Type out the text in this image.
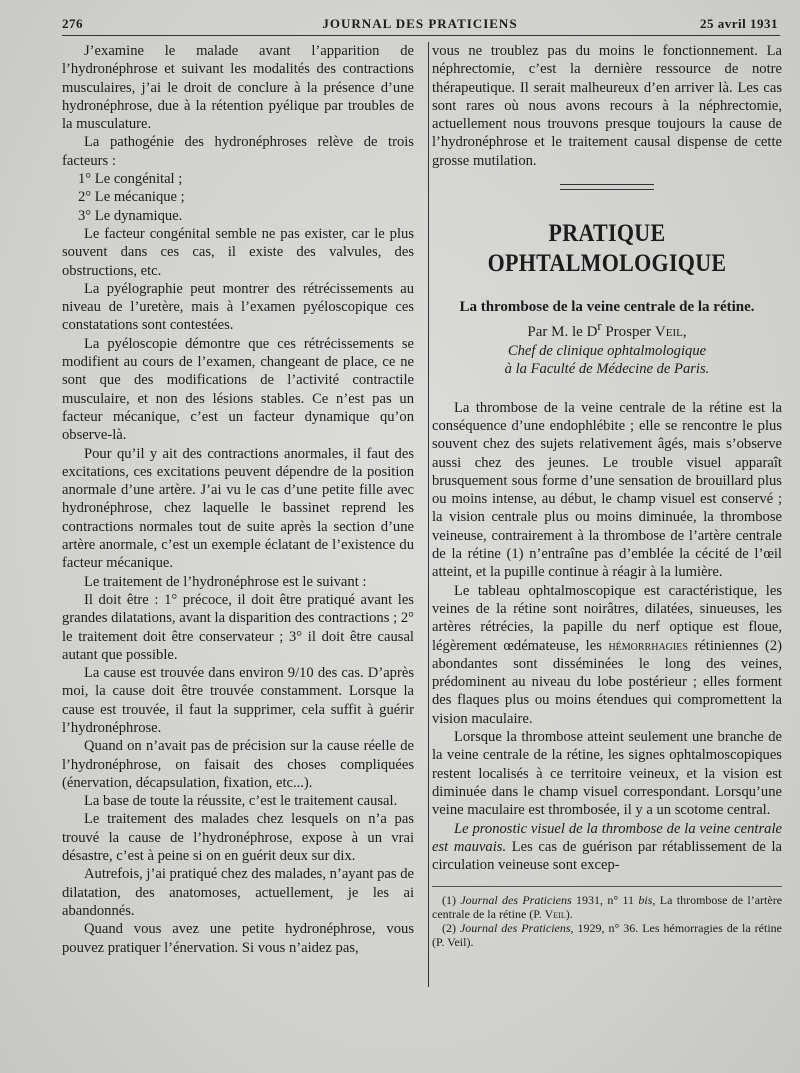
276	JOURNAL DES PRATICIENS	25 avril 1931

J’examine le malade avant l’apparition de l’hydronéphrose et suivant les modalités des contractions musculaires, j’ai le droit de conclure à la présence d’une hydronéphrose, due à la rétention pyélique par troubles de la musculature.

La pathogénie des hydronéphroses relève de trois facteurs :

1° Le congénital ;

2° Le mécanique ;

3° Le dynamique.

Le facteur congénital semble ne pas exister, car le plus souvent dans ces cas, il existe des valvules, des obstructions, etc.

La pyélographie peut montrer des rétrécissements au niveau de l’uretère, mais à l’examen pyéloscopique ces constatations sont contestées.

La pyéloscopie démontre que ces rétrécissements se modifient au cours de l’examen, changeant de place, ce ne sont que des modifications de l’activité contractile musculaire, et non des lésions stables. Ce n’est pas un facteur mécanique, c’est un facteur dynamique qu’on observe-là.

Pour qu’il y ait des contractions anormales, il faut des excitations, ces excitations peuvent dépendre de la position anormale d’une artère. J’ai vu le cas d’une petite fille avec hydronéphrose, chez laquelle le bassinet reprend les contractions normales tout de suite après la section d’une artère anormale, c’est un exemple éclatant de l’existence du facteur mécanique.

Le traitement de l’hydronéphrose est le suivant :

Il doit être : 1° précoce, il doit être pratiqué avant les grandes dilatations, avant la disparition des contractions ; 2° le traitement doit être conservateur ; 3° il doit être causal autant que possible.

La cause est trouvée dans environ 9/10 des cas. D’après moi, la cause doit être trouvée constamment. Lorsque la cause est trouvée, il faut la supprimer, cela suffit à guérir l’hydronéphrose.

Quand on n’avait pas de précision sur la cause réelle de l’hydronéphrose, on faisait des choses compliquées (énervation, décapsulation, fixation, etc...).

La base de toute la réussite, c’est le traitement causal.

Le traitement des malades chez lesquels on n’a pas trouvé la cause de l’hydronéphrose, expose à un vrai désastre, c’est à peine si on en guérit deux sur dix.

Autrefois, j’ai pratiqué chez des malades, n’ayant pas de dilatation, des anatomoses, actuellement, je les ai abandonnés.

Quand vous avez une petite hydronéphrose, vous pouvez pratiquer l’énervation. Si vous n’aidez pas,

vous ne troublez pas du moins le fonctionnement. La néphrectomie, c’est la dernière ressource de notre thérapeutique. Il serait malheureux d’en arriver là. Les cas sont rares où nous avons recours à la néphrectomie, actuellement nous trouvons presque toujours la cause de l’hydronéphrose et le traitement causal dispense de cette grosse mutilation.

PRATIQUE OPHTALMOLOGIQUE
La thrombose de la veine centrale de la rétine.

Par M. le $D^r$ Prosper Veil,

Chef de clinique ophtalmologique

à la Faculté de Médecine de Paris.

La thrombose de la veine centrale de la rétine est la conséquence d’une endophlébite ; elle se rencontre le plus souvent chez des sujets relativement âgés, mais s’observe aussi chez des jeunes. Le trouble visuel apparaît brusquement sous forme d’une sensation de brouillard plus ou moins intense, au début, le champ visuel est conservé ; la vision centrale plus ou moins diminuée, la thrombose veineuse, contrairement à la thrombose de l’artère centrale de la rétine (1) n’entraîne pas d’emblée la cécité de l’œil atteint, et la pupille continue à réagir à la lumière.

Le tableau ophtalmoscopique est caractéristique, les veines de la rétine sont noirâtres, dilatées, sinueuses, les artères rétrécies, la papille du nerf optique est floue, légèrement œdémateuse, les hémorrhagies rétiniennes (2) abondantes sont disséminées le long des veines, prédominent au niveau du lobe postérieur ; elles forment des flaques plus ou moins étendues qui compromettent la vision maculaire.

Lorsque la thrombose atteint seulement une branche de la veine centrale de la rétine, les signes ophtalmoscopiques restent localisés à ce territoire veineux, et la vision est diminuée dans le champ visuel correspondant. Lorsqu’une veine maculaire est thrombosée, il y a un scotome central.

Le pronostic visuel de la thrombose de la veine centrale est mauvais. Les cas de guérison par rétablissement de la circulation veineuse sont excep-

(1) Journal des Praticiens 1931, n° 11 bis, La thrombose de l’artère centrale de la rétine (P. Veil).

(2) Journal des Praticiens, 1929, n° 36. Les hémorragies de la rétine (P. Veil).
